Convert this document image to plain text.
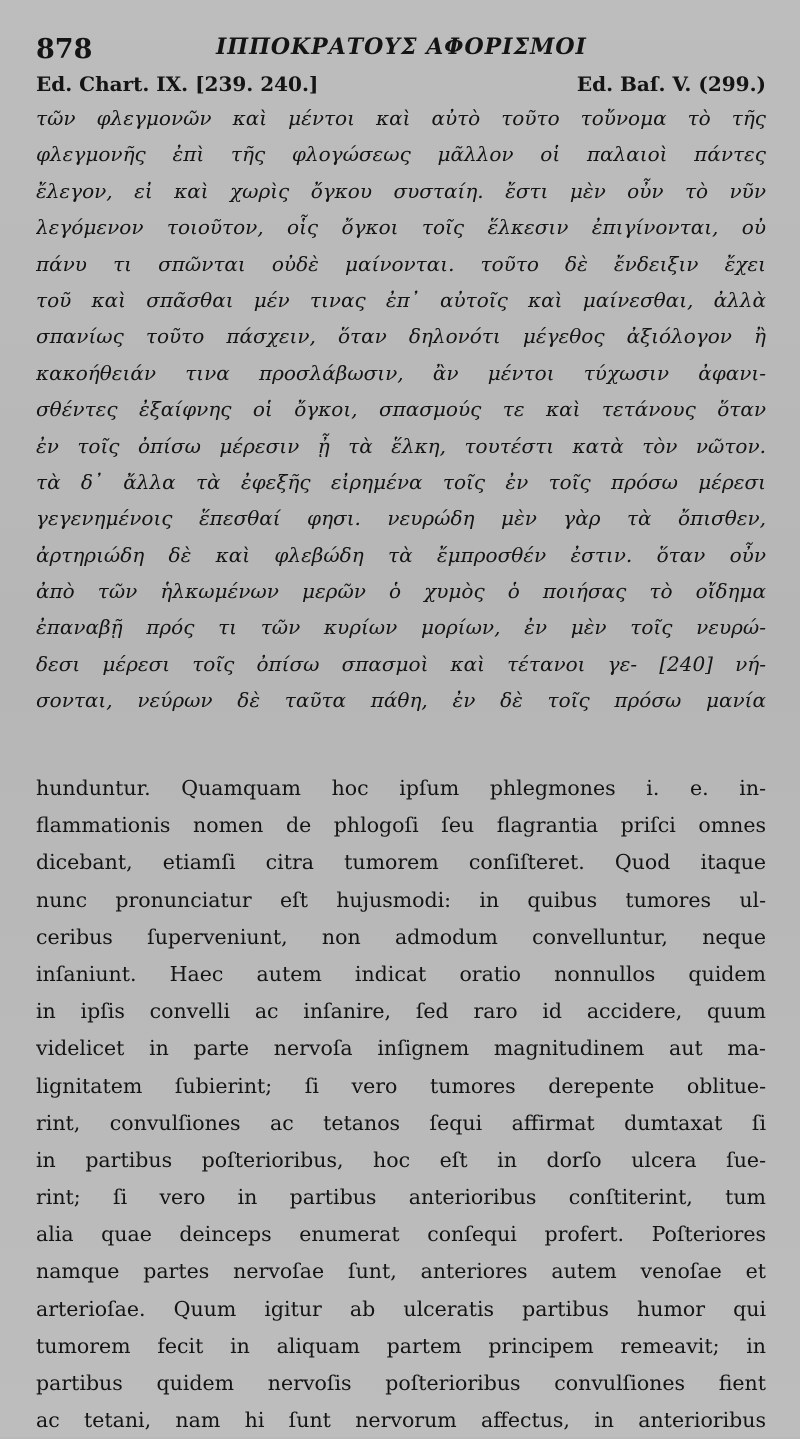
878	ΙΠΠΟΚΡΑΤΟΥΣ ΑΦΟΡΙΣΜΟΙ
Ed. Chart. IX. [239. 240.]	Ed. Baſ. V. (299.)
τῶν φλεγμονῶν καὶ μέντοι καὶ αὐτὸ τοῦτο τοὔνομα τὸ τῆς
φλεγμονῆς ἐπὶ τῆς φλογώσεως μᾶλλον οἱ παλαιοὶ πάντες
ἔλεγον, εἰ καὶ χωρὶς ὄγκου συσταίη. ἔστι μὲν οὖν τὸ νῦν
λεγόμενον τοιοῦτον, οἷς ὄγκοι τοῖς ἕλκεσιν ἐπιγίνονται, οὐ
πάνυ τι σπῶνται οὐδὲ μαίνονται. τοῦτο δὲ ἔνδειξιν ἔχει
τοῦ καὶ σπᾶσθαι μέν τινας ἐπ᾽ αὐτοῖς καὶ μαίνεσθαι, ἀλλὰ
σπανίως τοῦτο πάσχειν, ὅταν δηλονότι μέγεθος ἀξιόλογον ἢ
κακοήθειάν τινα προσλάβωσιν, ἂν μέντοι τύχωσιν ἀφανι-
σθέντες ἐξαίφνης οἱ ὄγκοι, σπασμούς τε καὶ τετάνους ὅταν
ἐν τοῖς ὀπίσω μέρεσιν ᾖ τὰ ἕλκη, τουτέστι κατὰ τὸν νῶτον.
τὰ δ᾽ ἄλλα τὰ ἐφεξῆς εἰρημένα τοῖς ἐν τοῖς πρόσω μέρεσι
γεγενημένοις ἕπεσθαί φησι. νευρώδη μὲν γὰρ τὰ ὄπισθεν,
ἀρτηριώδη δὲ καὶ φλεβώδη τὰ ἔμπροσθέν ἐστιν. ὅταν οὖν
ἀπὸ τῶν ἡλκωμένων μερῶν ὁ χυμὸς ὁ ποιήσας τὸ οἴδημα
ἐπαναβῇ πρός τι τῶν κυρίων μορίων, ἐν μὲν τοῖς νευρώ-
δεσι μέρεσι τοῖς ὀπίσω σπασμοὶ καὶ τέτανοι γε- [240] νή-
σονται, νεύρων δὲ ταῦτα πάθη, ἐν δὲ τοῖς πρόσω μανία
hunduntur. Quamquam hoc ipſum phlegmones i. e. in-
flammationis nomen de phlogoſi ſeu flagrantia priſci omnes
dicebant, etiamſi citra tumorem conſiſteret. Quod itaque
nunc pronunciatur eſt hujusmodi: in quibus tumores ul-
ceribus ſuperveniunt, non admodum convelluntur, neque
inſaniunt. Haec autem indicat oratio nonnullos quidem
in ipſis convelli ac inſanire, ſed raro id accidere, quum
videlicet in parte nervoſa inſignem magnitudinem aut ma-
lignitatem ſubierint; ſi vero tumores derepente oblitue-
rint, convulſiones ac tetanos ſequi affirmat dumtaxat ſi
in partibus poſterioribus, hoc eſt in dorſo ulcera ſue-
rint; ſi vero in partibus anterioribus conſtiterint, tum
alia quae deinceps enumerat conſequi profert. Poſteriores
namque partes nervoſae ſunt, anteriores autem venoſae et
arterioſae. Quum igitur ab ulceratis partibus humor qui
tumorem fecit in aliquam partem principem remeavit; in
partibus quidem nervoſis poſterioribus convulſiones fient
ac tetani, nam hi ſunt nervorum affectus, in anterioribus
